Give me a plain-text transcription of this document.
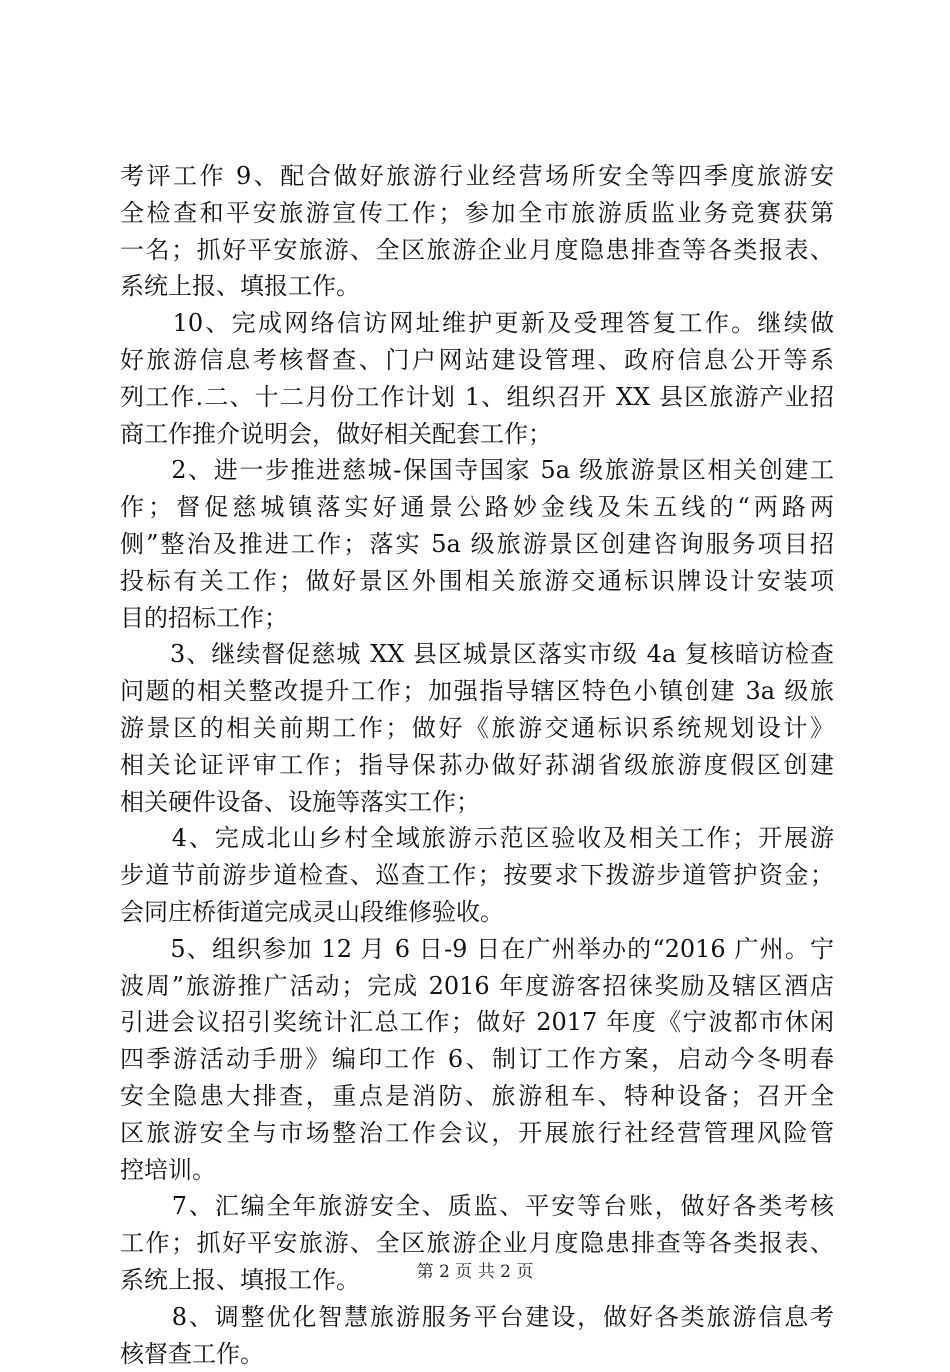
考评工作 9、配合做好旅游行业经营场所安全等四季度旅游安
全检查和平安旅游宣传工作；参加全市旅游质监业务竞赛获第
一名；抓好平安旅游、全区旅游企业月度隐患排查等各类报表、
系统上报、填报工作。
　　10、完成网络信访网址维护更新及受理答复工作。继续做
好旅游信息考核督查、门户网站建设管理、政府信息公开等系
列工作.二、十二月份工作计划 1、组织召开 XX 县区旅游产业招
商工作推介说明会，做好相关配套工作；
　　2、进一步推进慈城-保国寺国家 5a 级旅游景区相关创建工
作；督促慈城镇落实好通景公路妙金线及朱五线的“两路两
侧”整治及推进工作；落实 5a 级旅游景区创建咨询服务项目招
投标有关工作；做好景区外围相关旅游交通标识牌设计安装项
目的招标工作；
　　3、继续督促慈城 XX 县区城景区落实市级 4a 复核暗访检查
问题的相关整改提升工作；加强指导辖区特色小镇创建 3a 级旅
游景区的相关前期工作；做好《旅游交通标识系统规划设计》
相关论证评审工作；指导保荪办做好荪湖省级旅游度假区创建
相关硬件设备、设施等落实工作；
　　4、完成北山乡村全域旅游示范区验收及相关工作；开展游
步道节前游步道检查、巡查工作；按要求下拨游步道管护资金；
会同庄桥街道完成灵山段维修验收。
　　5、组织参加 12 月 6 日-9 日在广州举办的“2016 广州。宁
波周”旅游推广活动；完成 2016 年度游客招徕奖励及辖区酒店
引进会议招引奖统计汇总工作；做好 2017 年度《宁波都市休闲
四季游活动手册》编印工作 6、制订工作方案，启动今冬明春
安全隐患大排查，重点是消防、旅游租车、特种设备；召开全
区旅游安全与市场整治工作会议，开展旅行社经营管理风险管
控培训。
　　7、汇编全年旅游安全、质监、平安等台账，做好各类考核
工作；抓好平安旅游、全区旅游企业月度隐患排查等各类报表、
系统上报、填报工作。
　　8、调整优化智慧旅游服务平台建设，做好各类旅游信息考
核督查工作。
第 2 页 共 2 页
